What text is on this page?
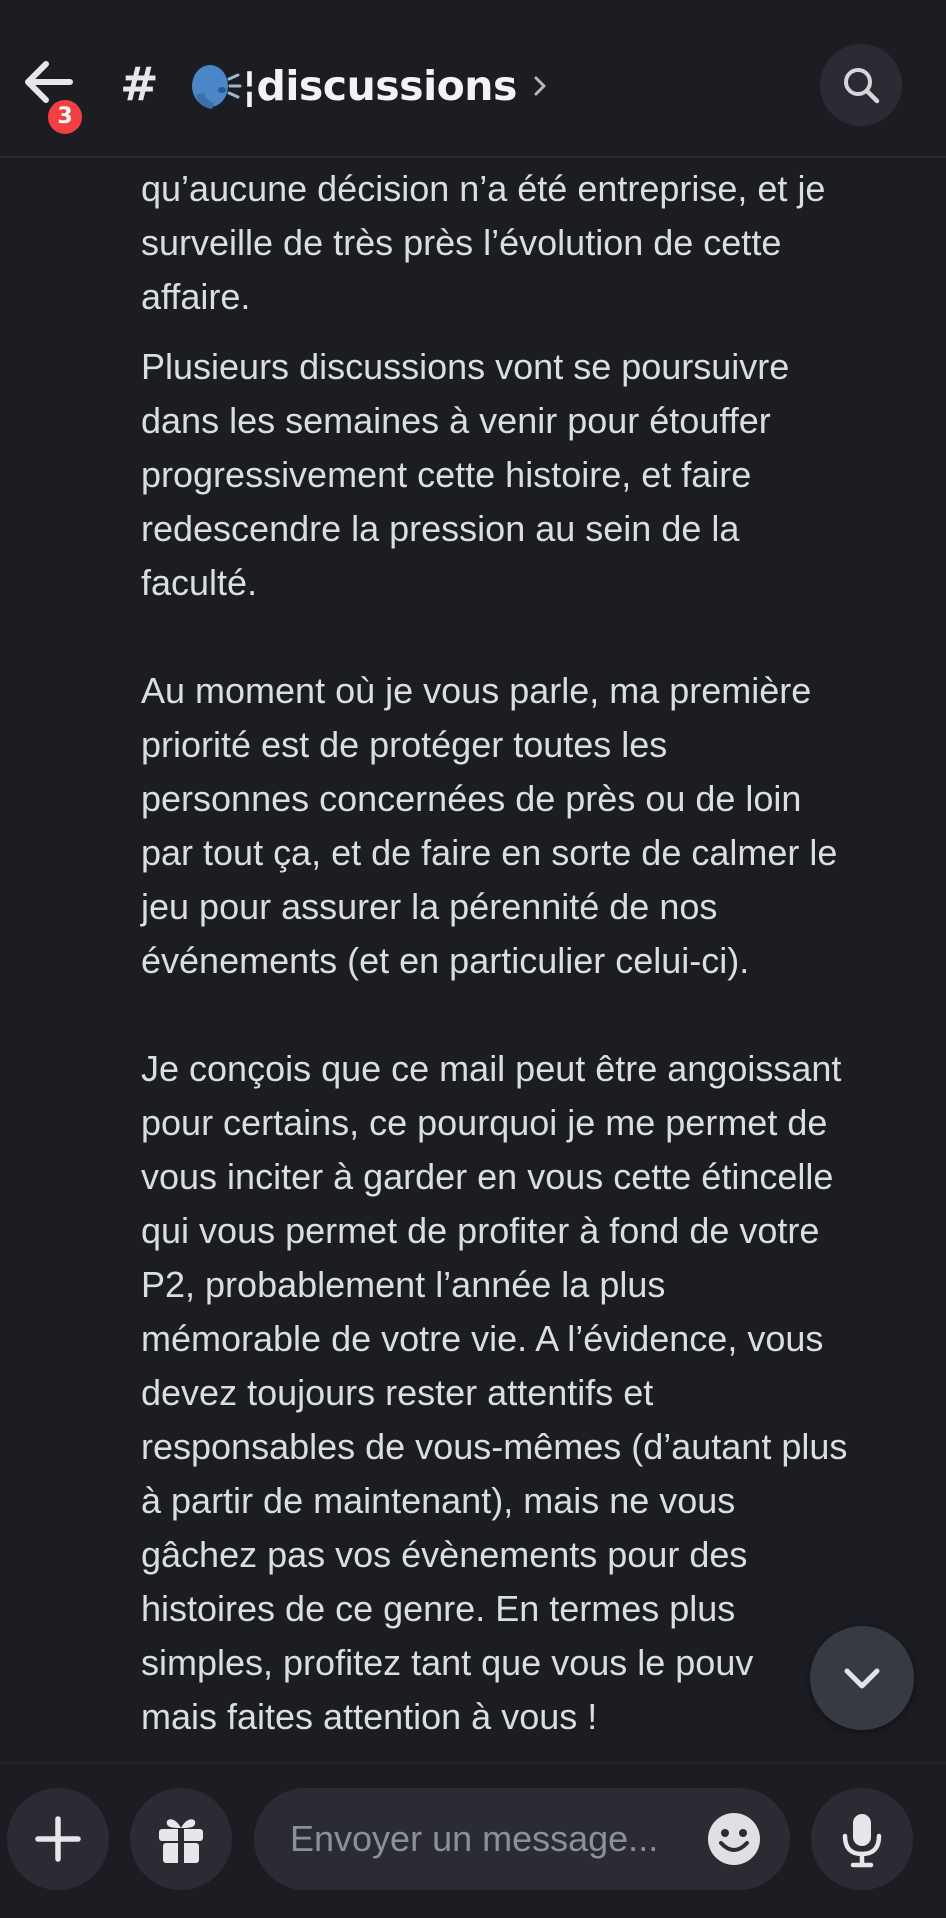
3
# ¦discussions

qu’aucune décision n’a été entreprise, et je
surveille de très près l’évolution de cette
affaire.

Plusieurs discussions vont se poursuivre
dans les semaines à venir pour étouffer
progressivement cette histoire, et faire
redescendre la pression au sein de la
faculté.

Au moment où je vous parle, ma première
priorité est de protéger toutes les
personnes concernées de près ou de loin
par tout ça, et de faire en sorte de calmer le
jeu pour assurer la pérennité de nos
événements (et en particulier celui-ci).

Je conçois que ce mail peut être angoissant
pour certains, ce pourquoi je me permet de
vous inciter à garder en vous cette étincelle
qui vous permet de profiter à fond de votre
P2, probablement l’année la plus
mémorable de votre vie. A l’évidence, vous
devez toujours rester attentifs et
responsables de vous-mêmes (d’autant plus
à partir de maintenant), mais ne vous
gâchez pas vos évènements pour des
histoires de ce genre. En termes plus
simples, profitez tant que vous le pouv
mais faites attention à vous !

Envoyer un message...
